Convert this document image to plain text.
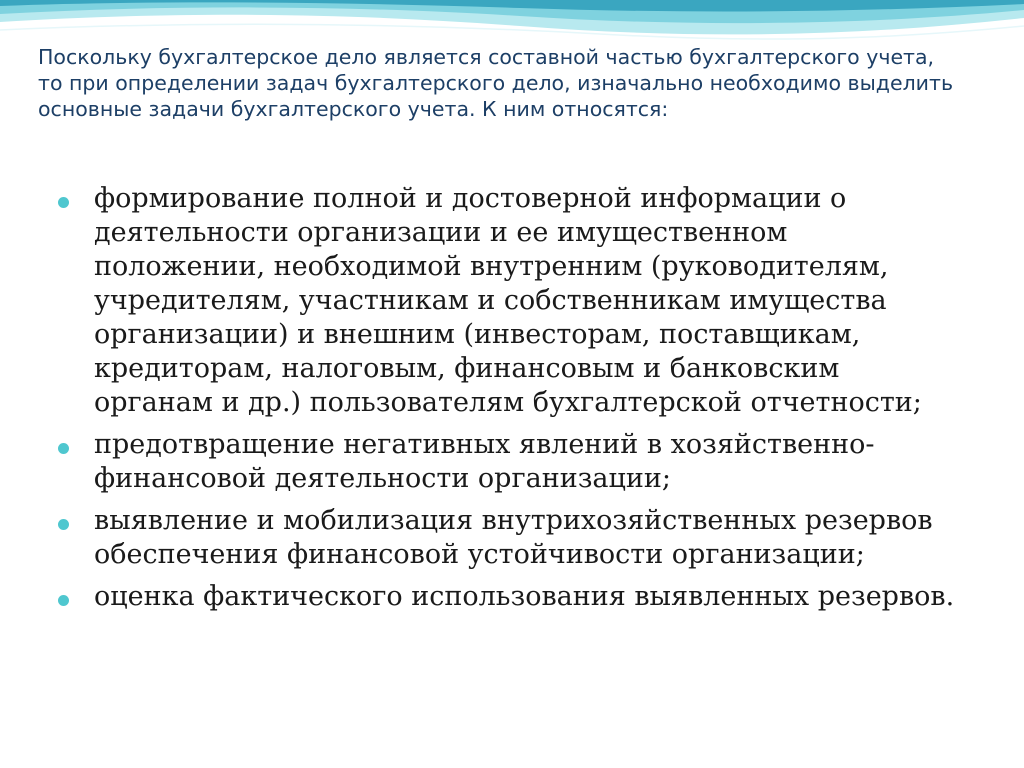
Поскольку бухгалтерское дело является составной частью бухгалтерского учета, то при определении задач бухгалтерского дело, изначально необходимо выделить основные задачи бухгалтерского учета. К ним относятся:

формирование полной и достоверной информации о деятельности организации и ее имущественном положении, необходимой внутренним (руководителям, учредителям, участникам и собственникам имущества организации) и внешним (инвесторам, поставщикам, кредиторам, налоговым, финансовым и банковским органам и др.) пользователям бухгалтерской отчетности;
предотвращение негативных явлений в хозяйственно-финансовой деятельности организации;
выявление и мобилизация внутрихозяйственных резервов обеспечения финансовой устойчивости организации;
оценка фактического использования выявленных резервов.
